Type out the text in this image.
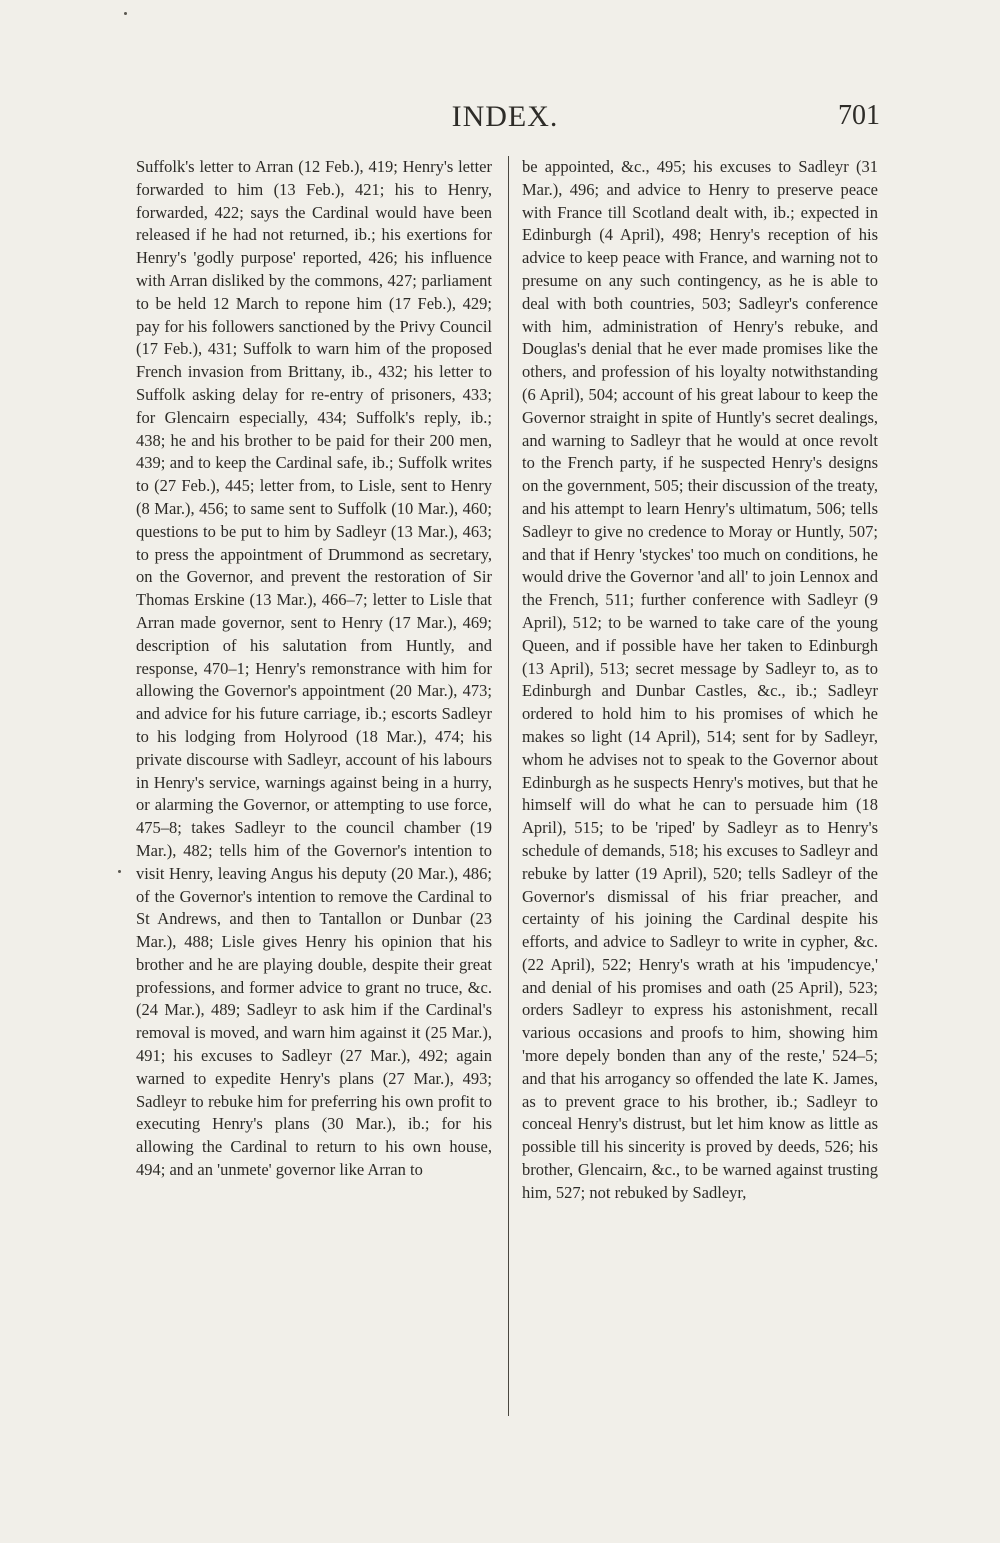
INDEX.	701

Suffolk's letter to Arran (12 Feb.), 419; Henry's letter forwarded to him (13 Feb.), 421; his to Henry, forwarded, 422; says the Cardinal would have been released if he had not returned, ib.; his exertions for Henry's 'godly purpose' reported, 426; his influence with Arran disliked by the commons, 427; parliament to be held 12 March to repone him (17 Feb.), 429; pay for his followers sanctioned by the Privy Council (17 Feb.), 431; Suffolk to warn him of the proposed French invasion from Brittany, ib., 432; his letter to Suffolk asking delay for re-entry of prisoners, 433; for Glencairn especially, 434; Suffolk's reply, ib.; 438; he and his brother to be paid for their 200 men, 439; and to keep the Cardinal safe, ib.; Suffolk writes to (27 Feb.), 445; letter from, to Lisle, sent to Henry (8 Mar.), 456; to same sent to Suffolk (10 Mar.), 460; questions to be put to him by Sadleyr (13 Mar.), 463; to press the appointment of Drummond as secretary, on the Governor, and prevent the restoration of Sir Thomas Erskine (13 Mar.), 466–7; letter to Lisle that Arran made governor, sent to Henry (17 Mar.), 469; description of his salutation from Huntly, and response, 470–1; Henry's remonstrance with him for allowing the Governor's appointment (20 Mar.), 473; and advice for his future carriage, ib.; escorts Sadleyr to his lodging from Holyrood (18 Mar.), 474; his private discourse with Sadleyr, account of his labours in Henry's service, warnings against being in a hurry, or alarming the Governor, or attempting to use force, 475–8; takes Sadleyr to the council chamber (19 Mar.), 482; tells him of the Governor's intention to visit Henry, leaving Angus his deputy (20 Mar.), 486; of the Governor's intention to remove the Cardinal to St Andrews, and then to Tantallon or Dunbar (23 Mar.), 488; Lisle gives Henry his opinion that his brother and he are playing double, despite their great professions, and former advice to grant no truce, &c. (24 Mar.), 489; Sadleyr to ask him if the Cardinal's removal is moved, and warn him against it (25 Mar.), 491; his excuses to Sadleyr (27 Mar.), 492; again warned to expedite Henry's plans (27 Mar.), 493; Sadleyr to rebuke him for preferring his own profit to executing Henry's plans (30 Mar.), ib.; for his allowing the Cardinal to return to his own house, 494; and an 'unmete' governor like Arran to

be appointed, &c., 495; his excuses to Sadleyr (31 Mar.), 496; and advice to Henry to preserve peace with France till Scotland dealt with, ib.; expected in Edinburgh (4 April), 498; Henry's reception of his advice to keep peace with France, and warning not to presume on any such contingency, as he is able to deal with both countries, 503; Sadleyr's conference with him, administration of Henry's rebuke, and Douglas's denial that he ever made promises like the others, and profession of his loyalty notwithstanding (6 April), 504; account of his great labour to keep the Governor straight in spite of Huntly's secret dealings, and warning to Sadleyr that he would at once revolt to the French party, if he suspected Henry's designs on the government, 505; their discussion of the treaty, and his attempt to learn Henry's ultimatum, 506; tells Sadleyr to give no credence to Moray or Huntly, 507; and that if Henry 'styckes' too much on conditions, he would drive the Governor 'and all' to join Lennox and the French, 511; further conference with Sadleyr (9 April), 512; to be warned to take care of the young Queen, and if possible have her taken to Edinburgh (13 April), 513; secret message by Sadleyr to, as to Edinburgh and Dunbar Castles, &c., ib.; Sadleyr ordered to hold him to his promises of which he makes so light (14 April), 514; sent for by Sadleyr, whom he advises not to speak to the Governor about Edinburgh as he suspects Henry's motives, but that he himself will do what he can to persuade him (18 April), 515; to be 'riped' by Sadleyr as to Henry's schedule of demands, 518; his excuses to Sadleyr and rebuke by latter (19 April), 520; tells Sadleyr of the Governor's dismissal of his friar preacher, and certainty of his joining the Cardinal despite his efforts, and advice to Sadleyr to write in cypher, &c. (22 April), 522; Henry's wrath at his 'impudencye,' and denial of his promises and oath (25 April), 523; orders Sadleyr to express his astonishment, recall various occasions and proofs to him, showing him 'more depely bonden than any of the reste,' 524–5; and that his arrogancy so offended the late K. James, as to prevent grace to his brother, ib.; Sadleyr to conceal Henry's distrust, but let him know as little as possible till his sincerity is proved by deeds, 526; his brother, Glencairn, &c., to be warned against trusting him, 527; not rebuked by Sadleyr,
